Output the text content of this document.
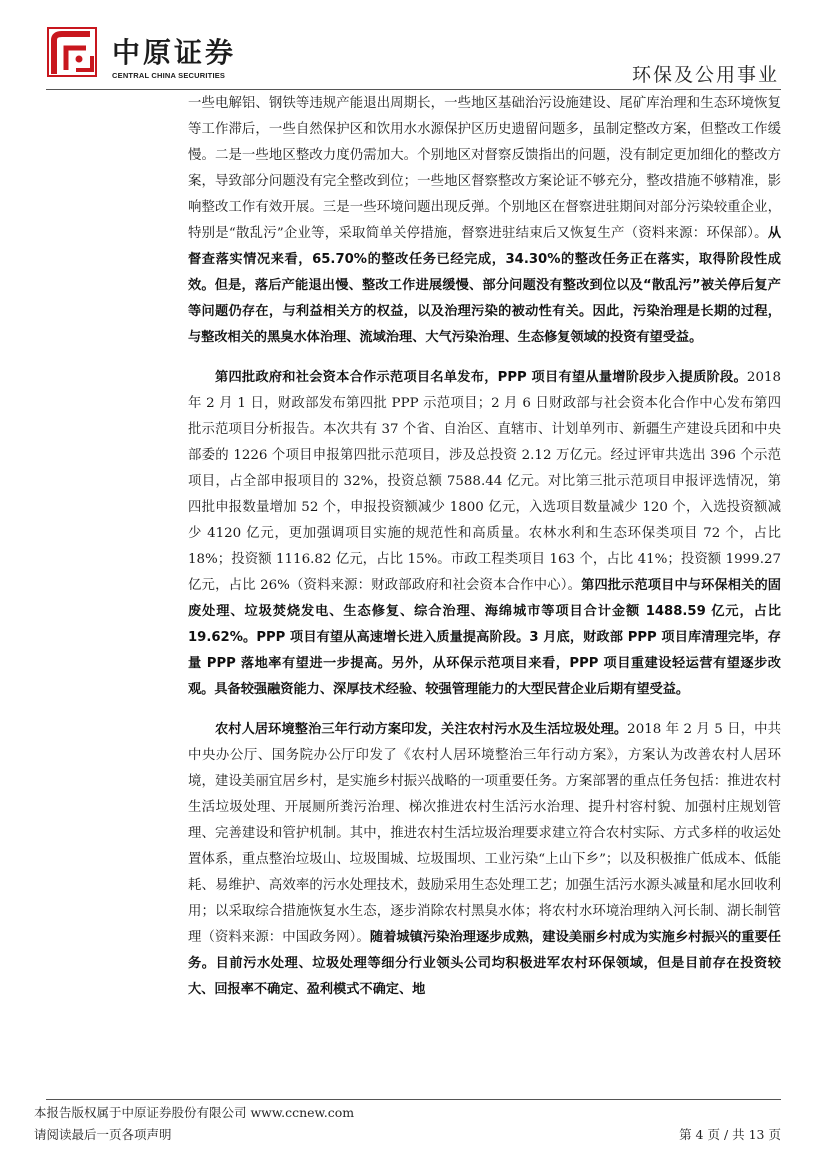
中原证券
CENTRAL CHINA SECURITIES	环保及公用事业

一些电解铝、钢铁等违规产能退出周期长，一些地区基础治污设施建设、尾矿库治理和生态环境恢复等工作滞后，一些自然保护区和饮用水水源保护区历史遗留问题多，虽制定整改方案，但整改工作缓慢。二是一些地区整改力度仍需加大。个别地区对督察反馈指出的问题，没有制定更加细化的整改方案，导致部分问题没有完全整改到位；一些地区督察整改方案论证不够充分，整改措施不够精准，影响整改工作有效开展。三是一些环境问题出现反弹。个别地区在督察进驻期间对部分污染较重企业，特别是“散乱污”企业等，采取简单关停措施，督察进驻结束后又恢复生产（资料来源：环保部）。从督查落实情况来看，65.70%的整改任务已经完成，34.30%的整改任务正在落实，取得阶段性成效。但是，落后产能退出慢、整改工作进展缓慢、部分问题没有整改到位以及“散乱污”被关停后复产等问题仍存在，与利益相关方的权益，以及治理污染的被动性有关。因此，污染治理是长期的过程，与整改相关的黑臭水体治理、流域治理、大气污染治理、生态修复领域的投资有望受益。

第四批政府和社会资本合作示范项目名单发布，PPP 项目有望从量增阶段步入提质阶段。2018 年 2 月 1 日，财政部发布第四批 PPP 示范项目；2 月 6 日财政部与社会资本化合作中心发布第四批示范项目分析报告。本次共有 37 个省、自治区、直辖市、计划单列市、新疆生产建设兵团和中央部委的 1226 个项目申报第四批示范项目，涉及总投资 2.12 万亿元。经过评审共选出 396 个示范项目，占全部申报项目的 32%，投资总额 7588.44 亿元。对比第三批示范项目申报评选情况，第四批申报数量增加 52 个，申报投资额减少 1800 亿元，入选项目数量减少 120 个，入选投资额减少 4120 亿元，更加强调项目实施的规范性和高质量。农林水利和生态环保类项目 72 个，占比 18%；投资额 1116.82 亿元，占比 15%。市政工程类项目 163 个，占比 41%；投资额 1999.27 亿元，占比 26%（资料来源：财政部政府和社会资本合作中心）。第四批示范项目中与环保相关的固废处理、垃圾焚烧发电、生态修复、综合治理、海绵城市等项目合计金额 1488.59 亿元，占比 19.62%。PPP 项目有望从高速增长进入质量提高阶段。3 月底，财政部 PPP 项目库清理完毕，存量 PPP 落地率有望进一步提高。另外，从环保示范项目来看，PPP 项目重建设轻运营有望逐步改观。具备较强融资能力、深厚技术经验、较强管理能力的大型民营企业后期有望受益。

农村人居环境整治三年行动方案印发，关注农村污水及生活垃圾处理。2018 年 2 月 5 日，中共中央办公厅、国务院办公厅印发了《农村人居环境整治三年行动方案》，方案认为改善农村人居环境，建设美丽宜居乡村，是实施乡村振兴战略的一项重要任务。方案部署的重点任务包括：推进农村生活垃圾处理、开展厕所粪污治理、梯次推进农村生活污水治理、提升村容村貌、加强村庄规划管理、完善建设和管护机制。其中，推进农村生活垃圾治理要求建立符合农村实际、方式多样的收运处置体系，重点整治垃圾山、垃圾围城、垃圾围坝、工业污染“上山下乡”；以及积极推广低成本、低能耗、易维护、高效率的污水处理技术，鼓励采用生态处理工艺；加强生活污水源头减量和尾水回收利用；以采取综合措施恢复水生态，逐步消除农村黑臭水体；将农村水环境治理纳入河长制、湖长制管理（资料来源：中国政务网）。随着城镇污染治理逐步成熟，建设美丽乡村成为实施乡村振兴的重要任务。目前污水处理、垃圾处理等细分行业领头公司均积极进军农村环保领域，但是目前存在投资较大、回报率不确定、盈利模式不确定、地

本报告版权属于中原证券股份有限公司 www.ccnew.com
请阅读最后一页各项声明	第 4 页 / 共 13 页
